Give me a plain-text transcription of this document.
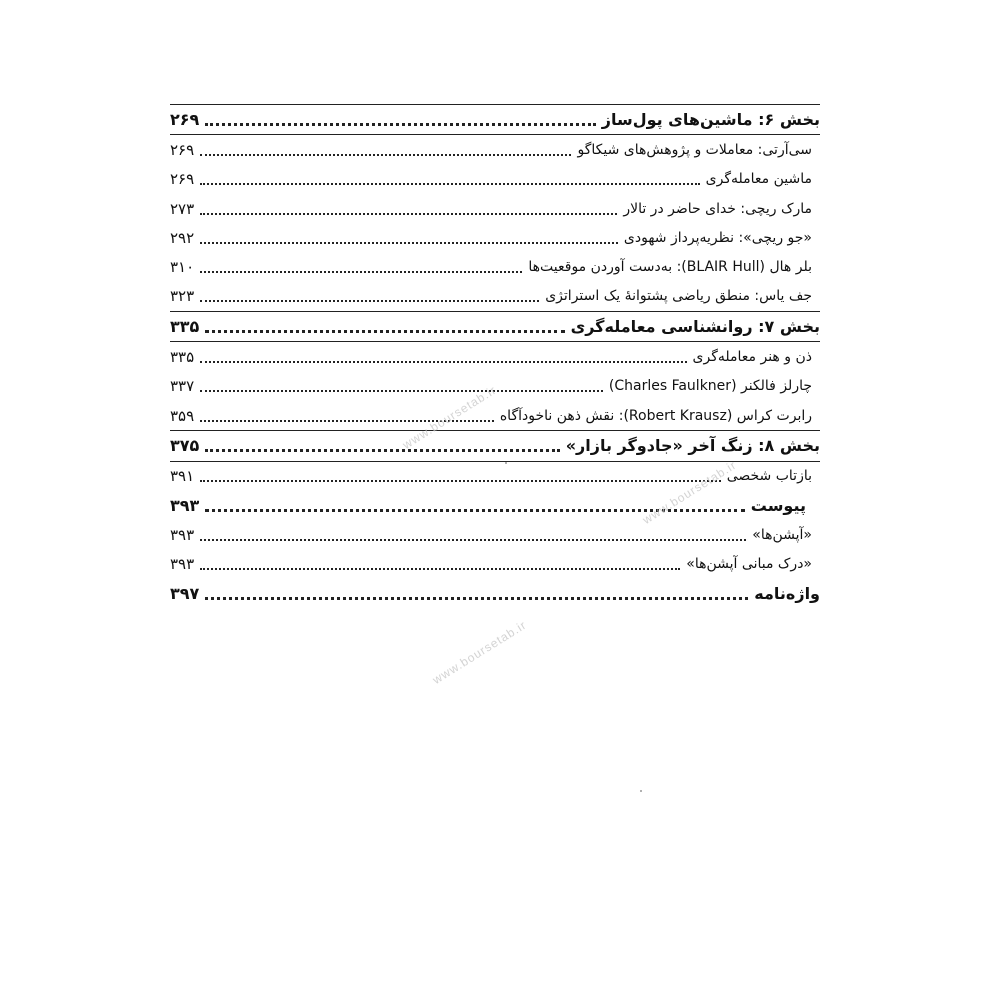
بخش ۶: ماشین‌های پول‌ساز
۲۶۹
سی‌آرتی: معاملات و پژوهش‌های شیکاگو
۲۶۹
ماشین معامله‌گری
۲۶۹
مارک ریچی: خدای حاضر در تالار
۲۷۳
«جو ریچی»: نظریه‌پرداز شهودی
۲۹۲
بلر هال (BLAIR Hull): به‌دست آوردن موقعیت‌ها
۳۱۰
جف یاس: منطق ریاضی پشتوانهٔ یک استراتژی
۳۲۳
بخش ۷: روانشناسی معامله‌گری
۳۳۵
ذن و هنر معامله‌گری
۳۳۵
چارلز فالکنر (Charles Faulkner)
۳۳۷
رابرت کراس (Robert Krausz): نقش ذهن ناخودآگاه
۳۵۹
بخش ۸: زنگ آخر «جادوگر بازار»
۳۷۵
بازتاب شخصی
۳۹۱
پیوست
۳۹۳
«آپشن‌ها»
۳۹۳
«درک مبانی آپشن‌ها»
۳۹۳
واژه‌نامه
۳۹۷
www.boursetab.ir
www.boursetab.ir
www.boursetab.ir
